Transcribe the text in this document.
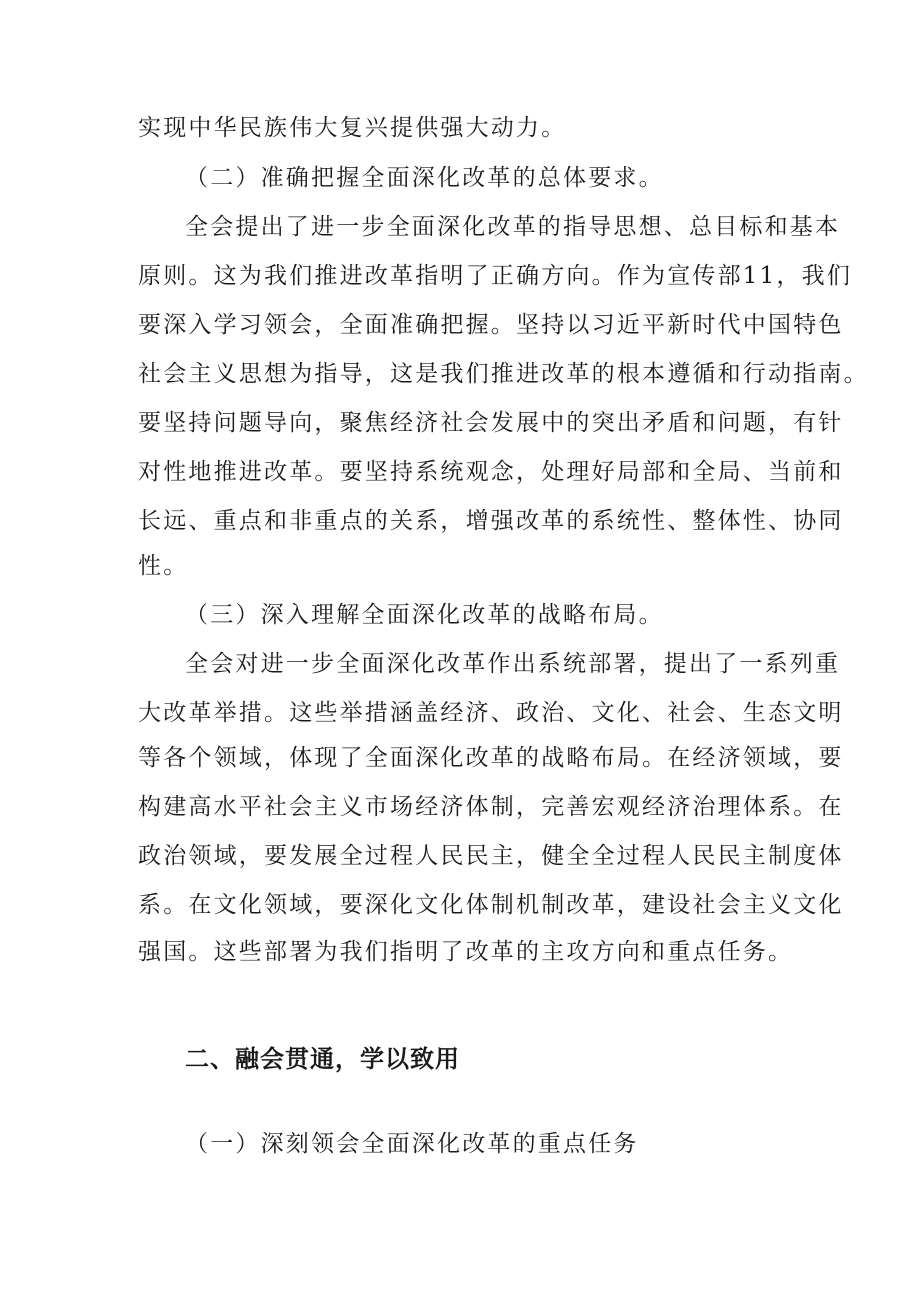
实现中华民族伟大复兴提供强大动力。
（二）准确把握全面深化改革的总体要求。
全会提出了进一步全面深化改革的指导思想、总目标和基本
原则。这为我们推进改革指明了正确方向。作为宣传部11，我们
要深入学习领会，全面准确把握。坚持以习近平新时代中国特色
社会主义思想为指导，这是我们推进改革的根本遵循和行动指南。
要坚持问题导向，聚焦经济社会发展中的突出矛盾和问题，有针
对性地推进改革。要坚持系统观念，处理好局部和全局、当前和
长远、重点和非重点的关系，增强改革的系统性、整体性、协同
性。
（三）深入理解全面深化改革的战略布局。
全会对进一步全面深化改革作出系统部署，提出了一系列重
大改革举措。这些举措涵盖经济、政治、文化、社会、生态文明
等各个领域，体现了全面深化改革的战略布局。在经济领域，要
构建高水平社会主义市场经济体制，完善宏观经济治理体系。在
政治领域，要发展全过程人民民主，健全全过程人民民主制度体
系。在文化领域，要深化文化体制机制改革，建设社会主义文化
强国。这些部署为我们指明了改革的主攻方向和重点任务。
二、融会贯通，学以致用
（一）深刻领会全面深化改革的重点任务
